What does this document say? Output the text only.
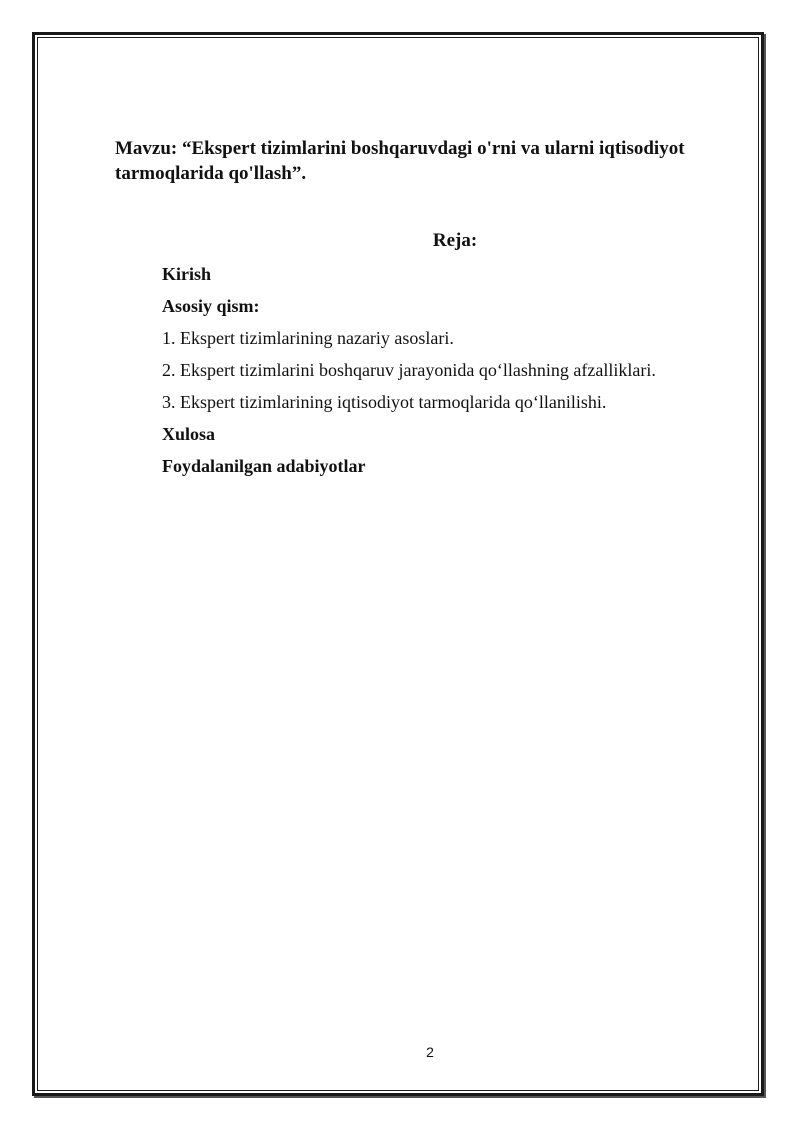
Mavzu: “Ekspert tizimlarini boshqaruvdagi o'rni va ularni iqtisodiyot tarmoqlarida qo'llash”.

Reja:

Kirish
Asosiy qism:
1. Ekspert tizimlarining nazariy asoslari.
2. Ekspert tizimlarini boshqaruv jarayonida qo‘llashning afzalliklari.
3. Ekspert tizimlarining iqtisodiyot tarmoqlarida qo‘llanilishi.
Xulosa
Foydalanilgan adabiyotlar
2
